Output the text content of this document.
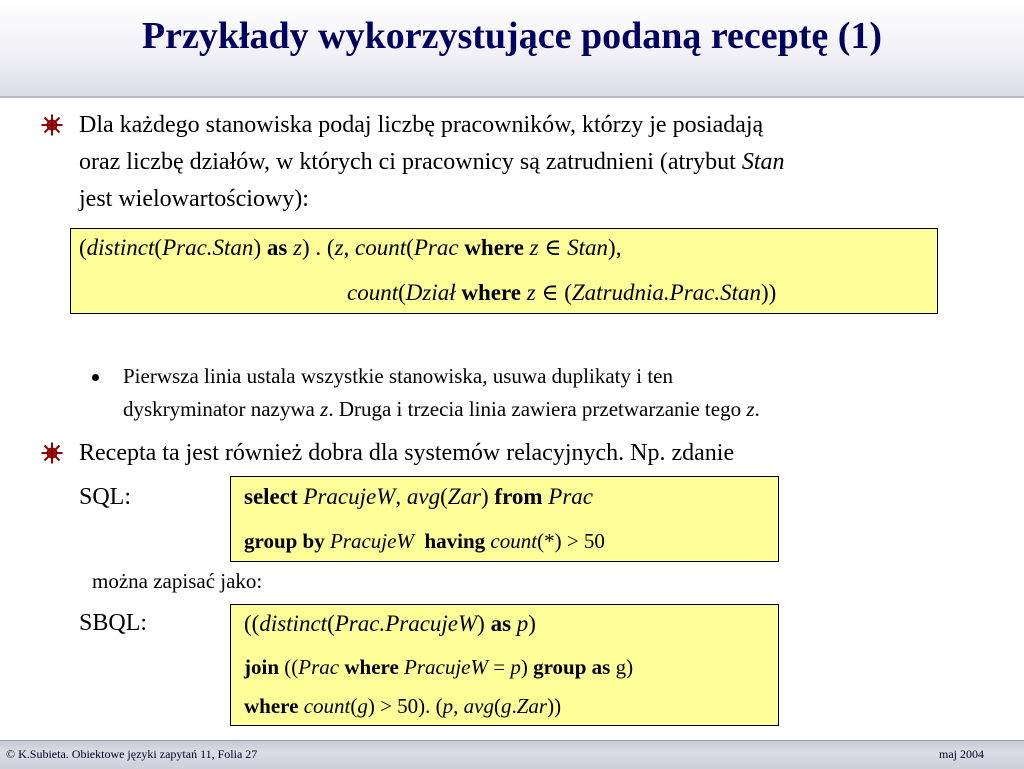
Przykłady wykorzystujące podaną receptę (1)
Dla każdego stanowiska podaj liczbę pracowników, którzy je posiadają
oraz liczbę działów, w których ci pracownicy są zatrudnieni (atrybut Stan
jest wielowartościowy):
(distinct(Prac.Stan) as z) . (z, count(Prac where z ∈ Stan),
count(Dział where z ∈ (Zatrudnia.Prac.Stan))
Pierwsza linia ustala wszystkie stanowiska, usuwa duplikaty i ten
dyskryminator nazywa z. Druga i trzecia linia zawiera przetwarzanie tego z.
Recepta ta jest również dobra dla systemów relacyjnych. Np. zdanie
SQL:	select PracujeW, avg(Zar) from Prac
group by PracujeW having count(*) > 50
można zapisać jako:
SBQL:	((distinct(Prac.PracujeW) as p)
join ((Prac where PracujeW = p) group as g)
where count(g) > 50). (p, avg(g.Zar))
© K.Subieta. Obiektowe języki zapytań 11, Folia 27	maj 2004
